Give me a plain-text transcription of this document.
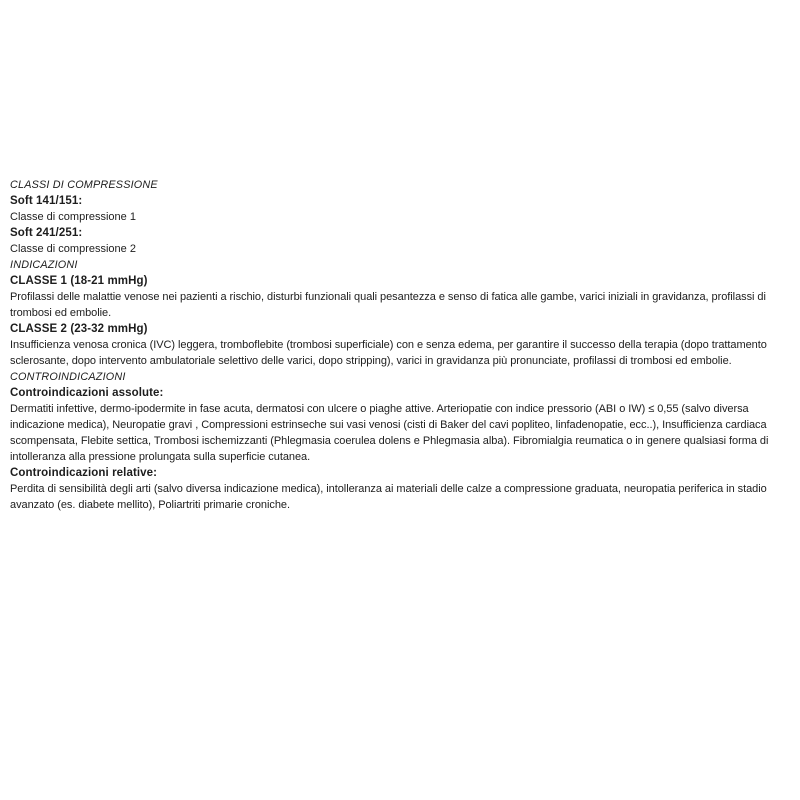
CLASSI DI COMPRESSIONE

Soft 141/151:

Classe di compressione 1

Soft 241/251:

Classe di compressione 2

INDICAZIONI

CLASSE 1 (18-21 mmHg)

Profilassi delle malattie venose nei pazienti a rischio, disturbi funzionali quali pesantezza e senso di fatica alle gambe, varici iniziali in gravidanza, profilassi di trombosi ed embolie.

CLASSE 2 (23-32 mmHg)

Insufficienza venosa cronica (IVC) leggera, tromboflebite (trombosi superficiale) con e senza edema, per garantire il successo della terapia (dopo trattamento sclerosante, dopo intervento ambulatoriale selettivo delle varici, dopo stripping), varici in gravidanza più pronunciate, profilassi di trombosi ed embolie.

CONTROINDICAZIONI

Controindicazioni assolute:

Dermatiti infettive, dermo-ipodermite in fase acuta, dermatosi con ulcere o piaghe attive. Arteriopatie con indice pressorio (ABI o IW) ≤ 0,55 (salvo diversa indicazione medica), Neuropatie gravi , Compressioni estrinseche sui vasi venosi (cisti di Baker del cavi popliteo, linfadenopatie, ecc..), Insufficienza cardiaca scompensata, Flebite settica, Trombosi ischemizzanti (Phlegmasia coerulea dolens e Phlegmasia alba). Fibromialgia reumatica o in genere qualsiasi forma di intolleranza alla pressione prolungata sulla superficie cutanea.

Controindicazioni relative:

Perdita di sensibilità degli arti (salvo diversa indicazione medica), intolleranza ai materiali delle calze a compressione graduata, neuropatia periferica in stadio avanzato (es. diabete mellito), Poliartriti primarie croniche.
